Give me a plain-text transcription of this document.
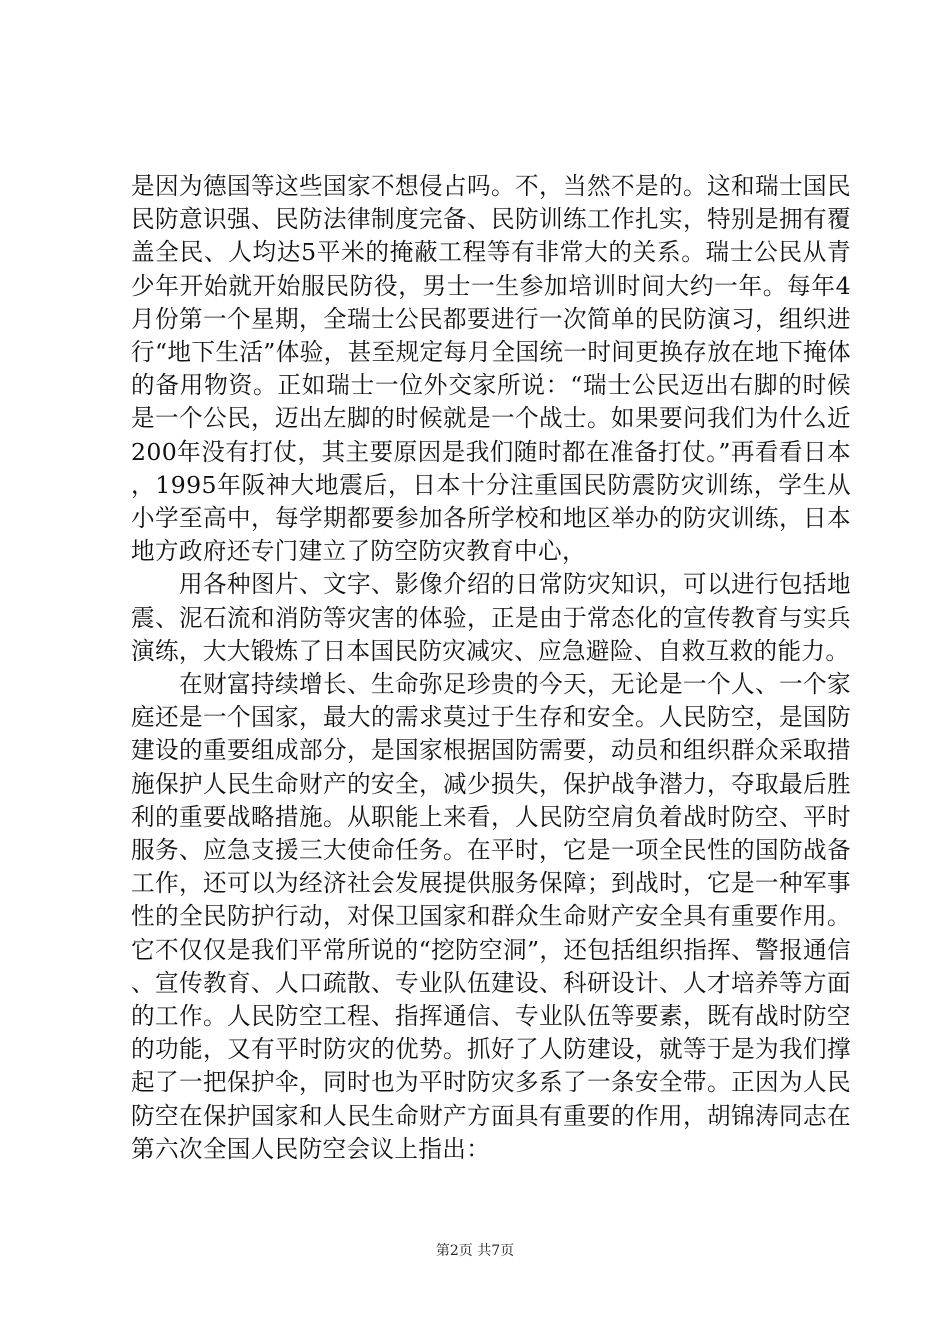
是因为德国等这些国家不想侵占吗。不，当然不是的。这和瑞士国民民防意识强、民防法律制度完备、民防训练工作扎实，特别是拥有覆盖全民、人均达5平米的掩蔽工程等有非常大的关系。瑞士公民从青少年开始就开始服民防役，男士一生参加培训时间大约一年。每年4月份第一个星期，全瑞士公民都要进行一次简单的民防演习，组织进行“地下生活”体验，甚至规定每月全国统一时间更换存放在地下掩体的备用物资。正如瑞士一位外交家所说：“瑞士公民迈出右脚的时候是一个公民，迈出左脚的时候就是一个战士。如果要问我们为什么近200年没有打仗，其主要原因是我们随时都在准备打仗。”再看看日本，1995年阪神大地震后，日本十分注重国民防震防灾训练，学生从小学至高中，每学期都要参加各所学校和地区举办的防灾训练，日本地方政府还专门建立了防空防灾教育中心，

用各种图片、文字、影像介绍的日常防灾知识，可以进行包括地震、泥石流和消防等灾害的体验，正是由于常态化的宣传教育与实兵演练，大大锻炼了日本国民防灾减灾、应急避险、自救互救的能力。

在财富持续增长、生命弥足珍贵的今天，无论是一个人、一个家庭还是一个国家，最大的需求莫过于生存和安全。人民防空，是国防建设的重要组成部分，是国家根据国防需要，动员和组织群众采取措施保护人民生命财产的安全，减少损失，保护战争潜力，夺取最后胜利的重要战略措施。从职能上来看，人民防空肩负着战时防空、平时服务、应急支援三大使命任务。在平时，它是一项全民性的国防战备工作，还可以为经济社会发展提供服务保障；到战时，它是一种军事性的全民防护行动，对保卫国家和群众生命财产安全具有重要作用。它不仅仅是我们平常所说的“挖防空洞”，还包括组织指挥、警报通信、宣传教育、人口疏散、专业队伍建设、科研设计、人才培养等方面的工作。人民防空工程、指挥通信、专业队伍等要素，既有战时防空的功能，又有平时防灾的优势。抓好了人防建设，就等于是为我们撑起了一把保护伞，同时也为平时防灾多系了一条安全带。正因为人民防空在保护国家和人民生命财产方面具有重要的作用，胡锦涛同志在第六次全国人民防空会议上指出：

第2页 共7页
